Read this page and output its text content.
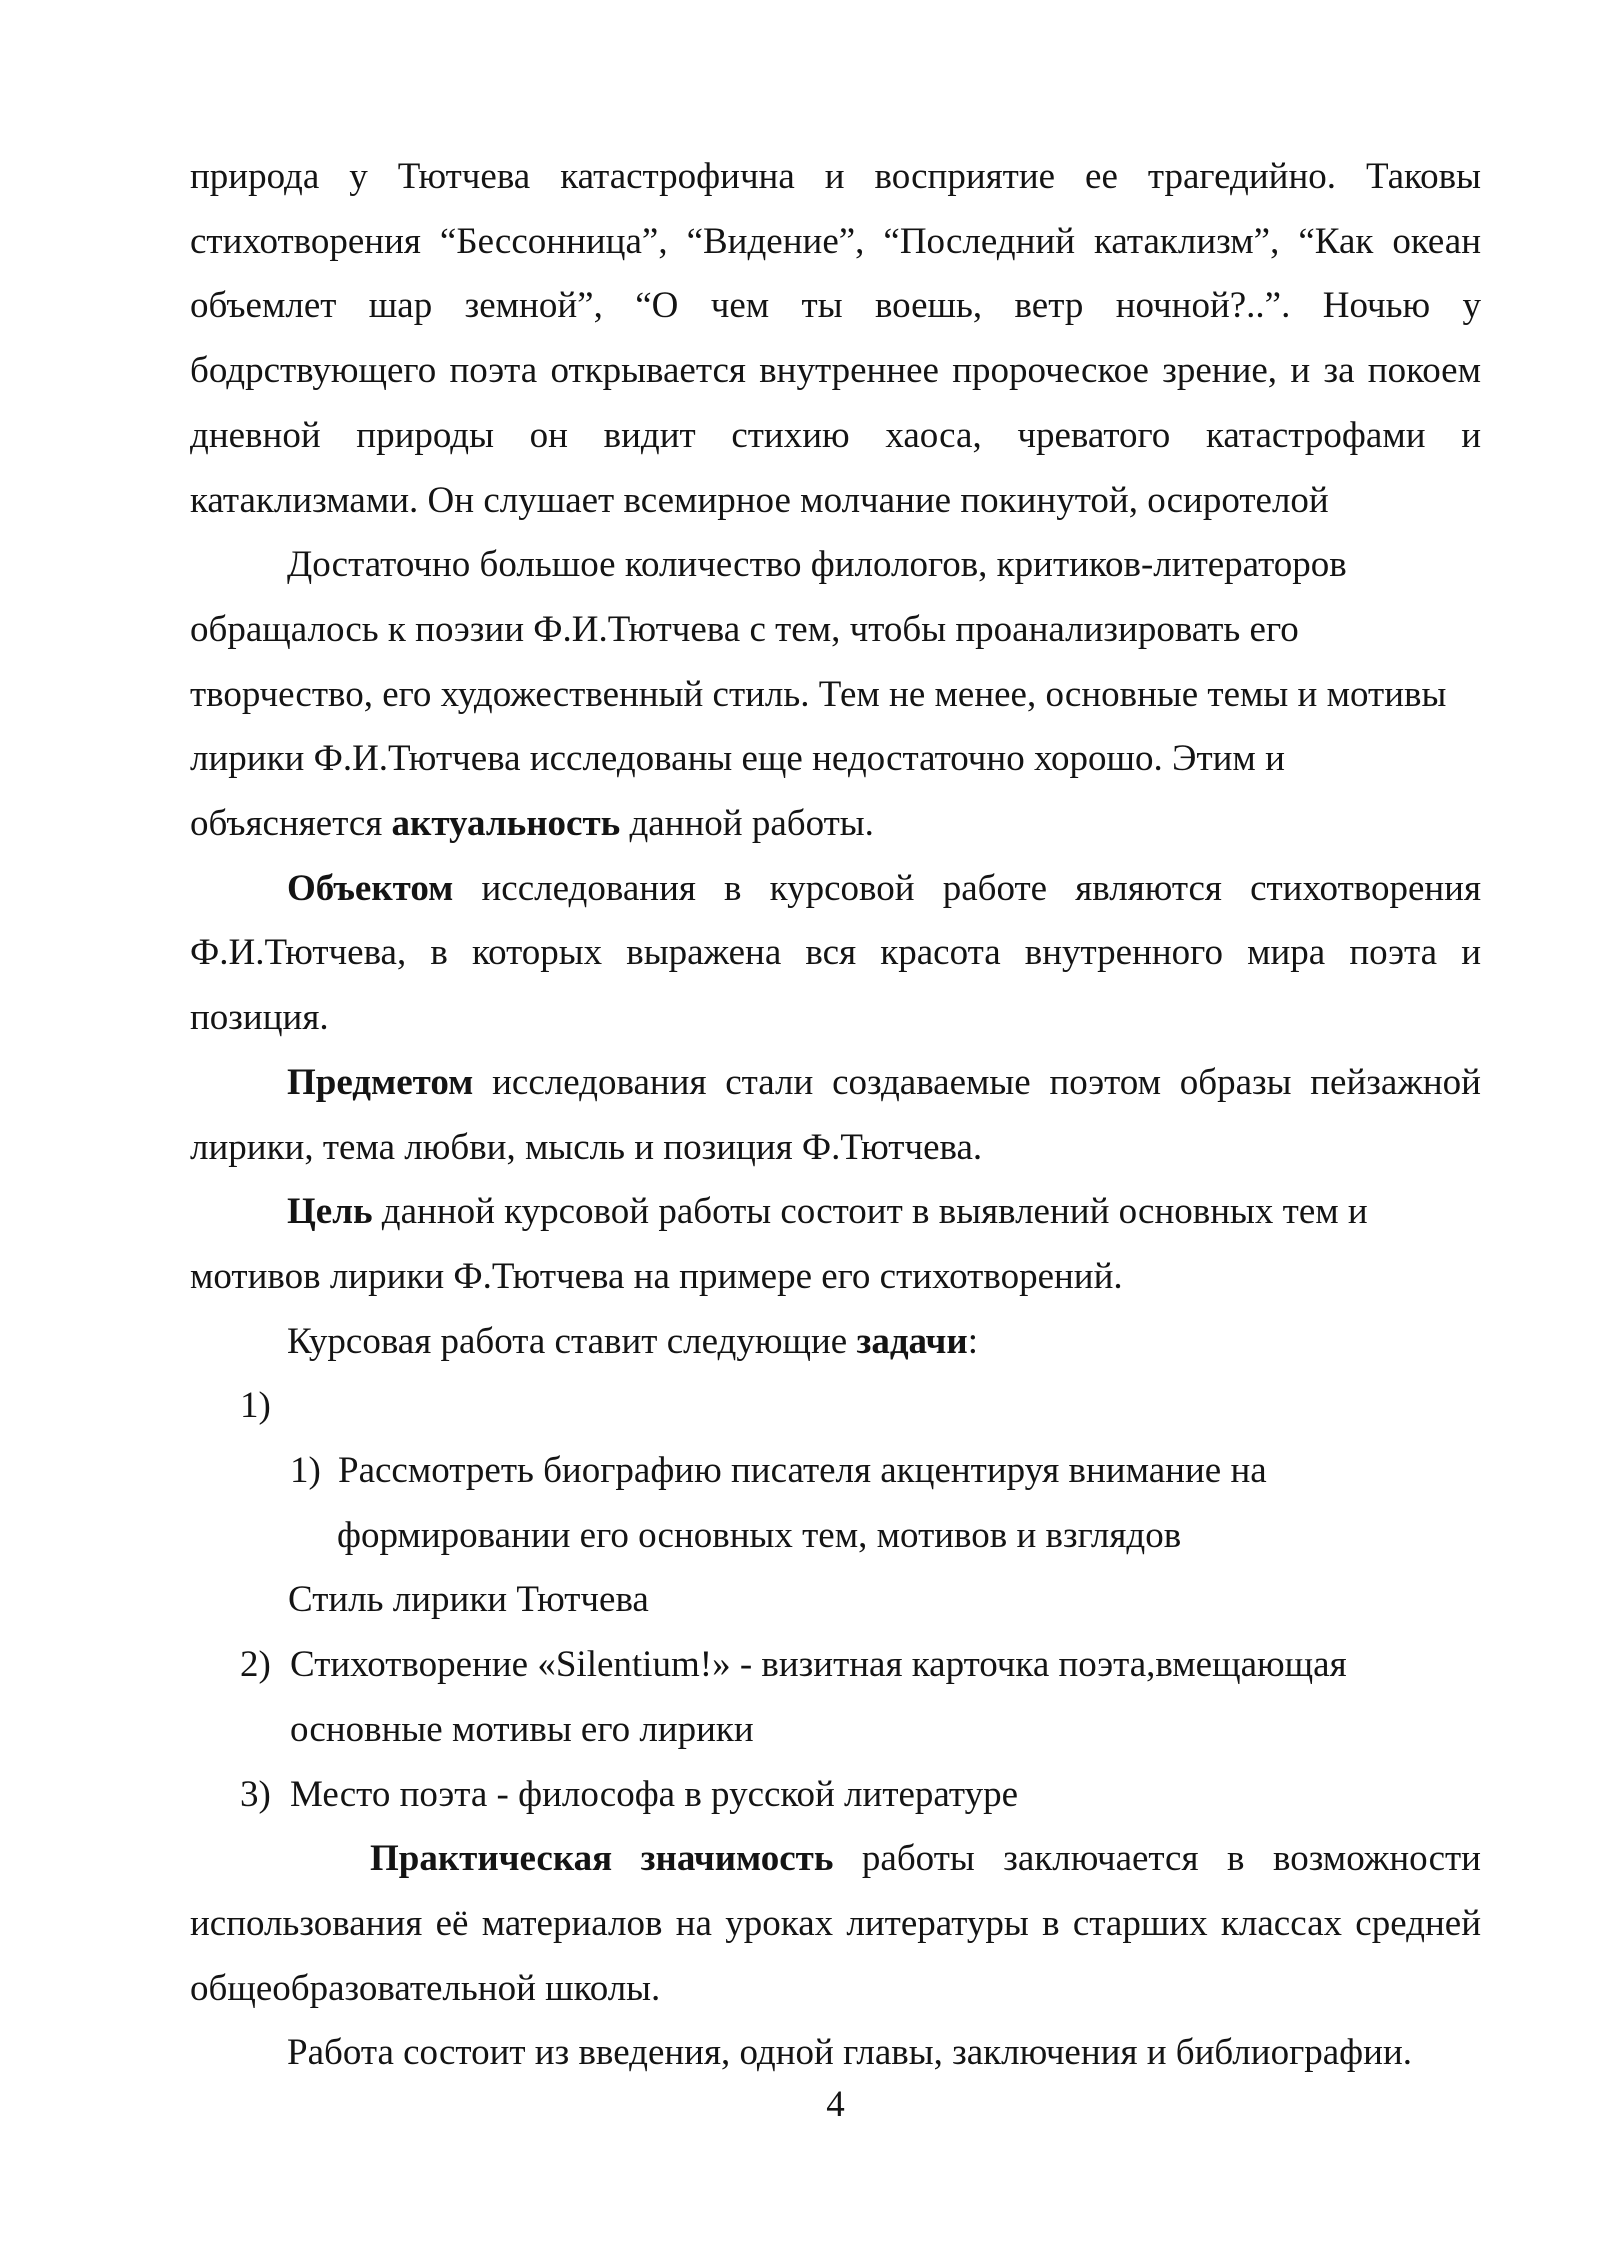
природа у Тютчева катастрофична и восприятие ее трагедийно. Таковы
стихотворения “Бессонница”, “Видение”, “Последний катаклизм”, “Как океан
объемлет шар земной”, “О чем ты воешь, ветр ночной?..”. Ночью у
бодрствующего поэта открывается внутреннее пророческое зрение, и за покоем
дневной природы он видит стихию хаоса, чреватого катастрофами и
катаклизмами. Он слушает всемирное молчание покинутой, осиротелой
Достаточно большое количество филологов, критиков-литераторов
обращалось к поэзии Ф.И.Тютчева с тем, чтобы проанализировать его
творчество, его художественный стиль. Тем не менее, основные темы и мотивы
лирики Ф.И.Тютчева исследованы еще недостаточно хорошо. Этим и
объясняется актуальность данной работы.
Объектом исследования в курсовой работе являются стихотворения
Ф.И.Тютчева, в которых выражена вся красота внутренного мира поэта и
позиция.
Предметом исследования стали создаваемые поэтом образы пейзажной
лирики, тема любви, мысль и позиция Ф.Тютчева.
Цель данной курсовой работы состоит в выявлений основных тем и
мотивов лирики Ф.Тютчева на примере его стихотворений.
Курсовая работа ставит следующие задачи:
1)
1) Рассмотреть биографию писателя акцентируя внимание на
формировании его основных тем, мотивов и взглядов
Стиль лирики Тютчева
2) Стихотворение «Silentium!» - визитная карточка поэта,вмещающая
основные мотивы его лирики
3) Место поэта - философа в русской литературе
Практическая значимость работы заключается в возможности
использования её материалов на уроках литературы в старших классах средней
общеобразовательной школы.
Работа состоит из введения, одной главы, заключения и библиографии.
4
